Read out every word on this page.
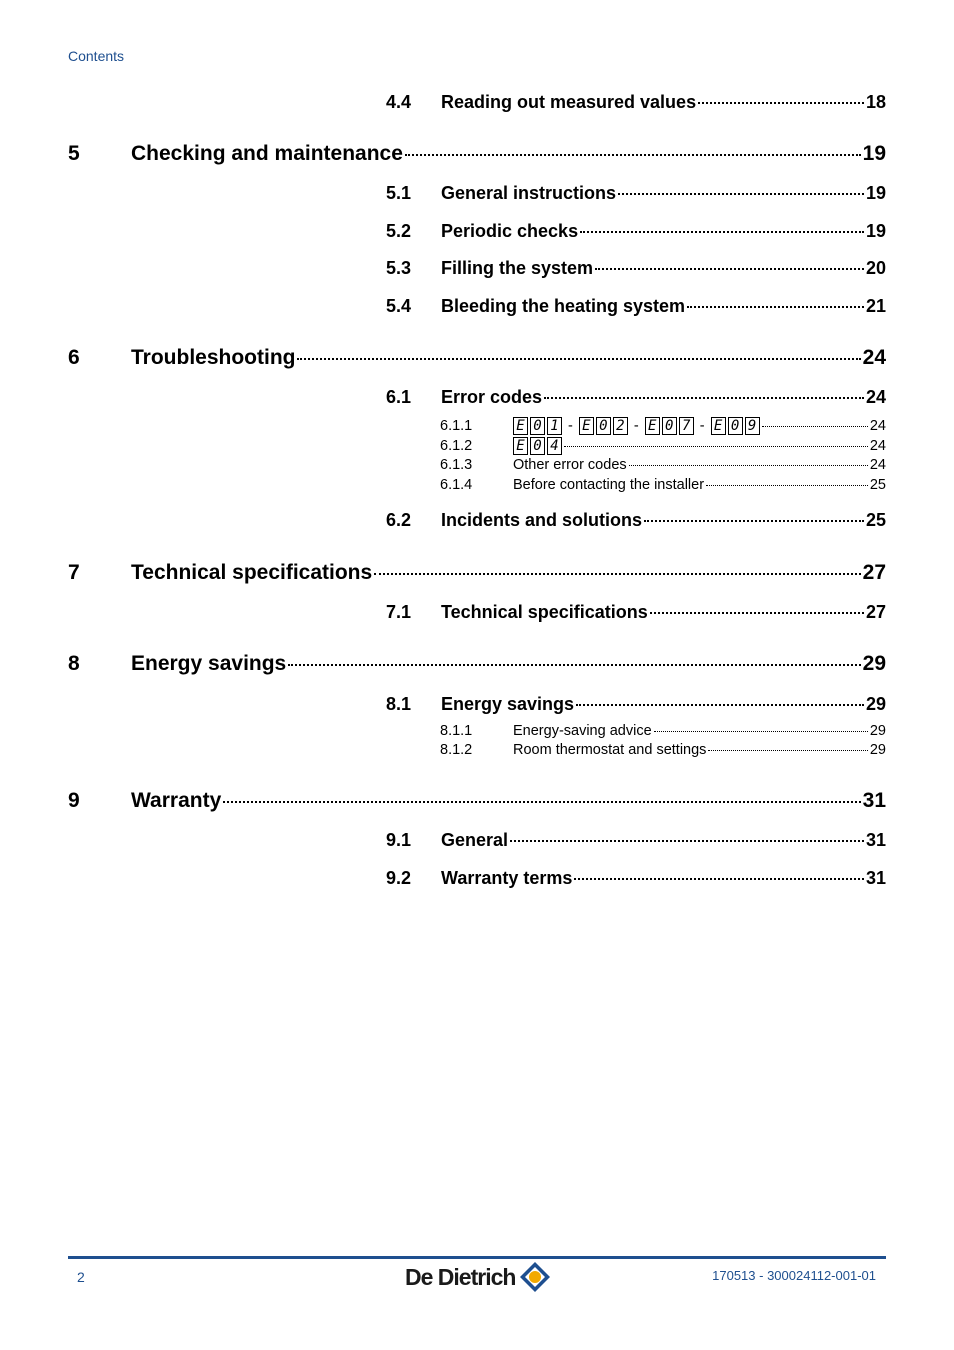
Contents
4.4	Reading out measured values	18
5	Checking and maintenance	19
5.1	General instructions	19
5.2	Periodic checks	19
5.3	Filling the system	20
5.4	Bleeding the heating system	21
6	Troubleshooting	24
6.1	Error codes	24
6.1.1	E 0 1 - E 0 2 - E 0 7 - E 0 9	24
6.1.2	E 0 4	24
6.1.3	Other error codes	24
6.1.4	Before contacting the installer	25
6.2	Incidents and solutions	25
7	Technical specifications	27
7.1	Technical specifications	27
8	Energy savings	29
8.1	Energy savings	29
8.1.1	Energy-saving advice	29
8.1.2	Room thermostat and settings	29
9	Warranty	31
9.1	General	31
9.2	Warranty terms	31
2	De Dietrich	170513 - 300024112-001-01
